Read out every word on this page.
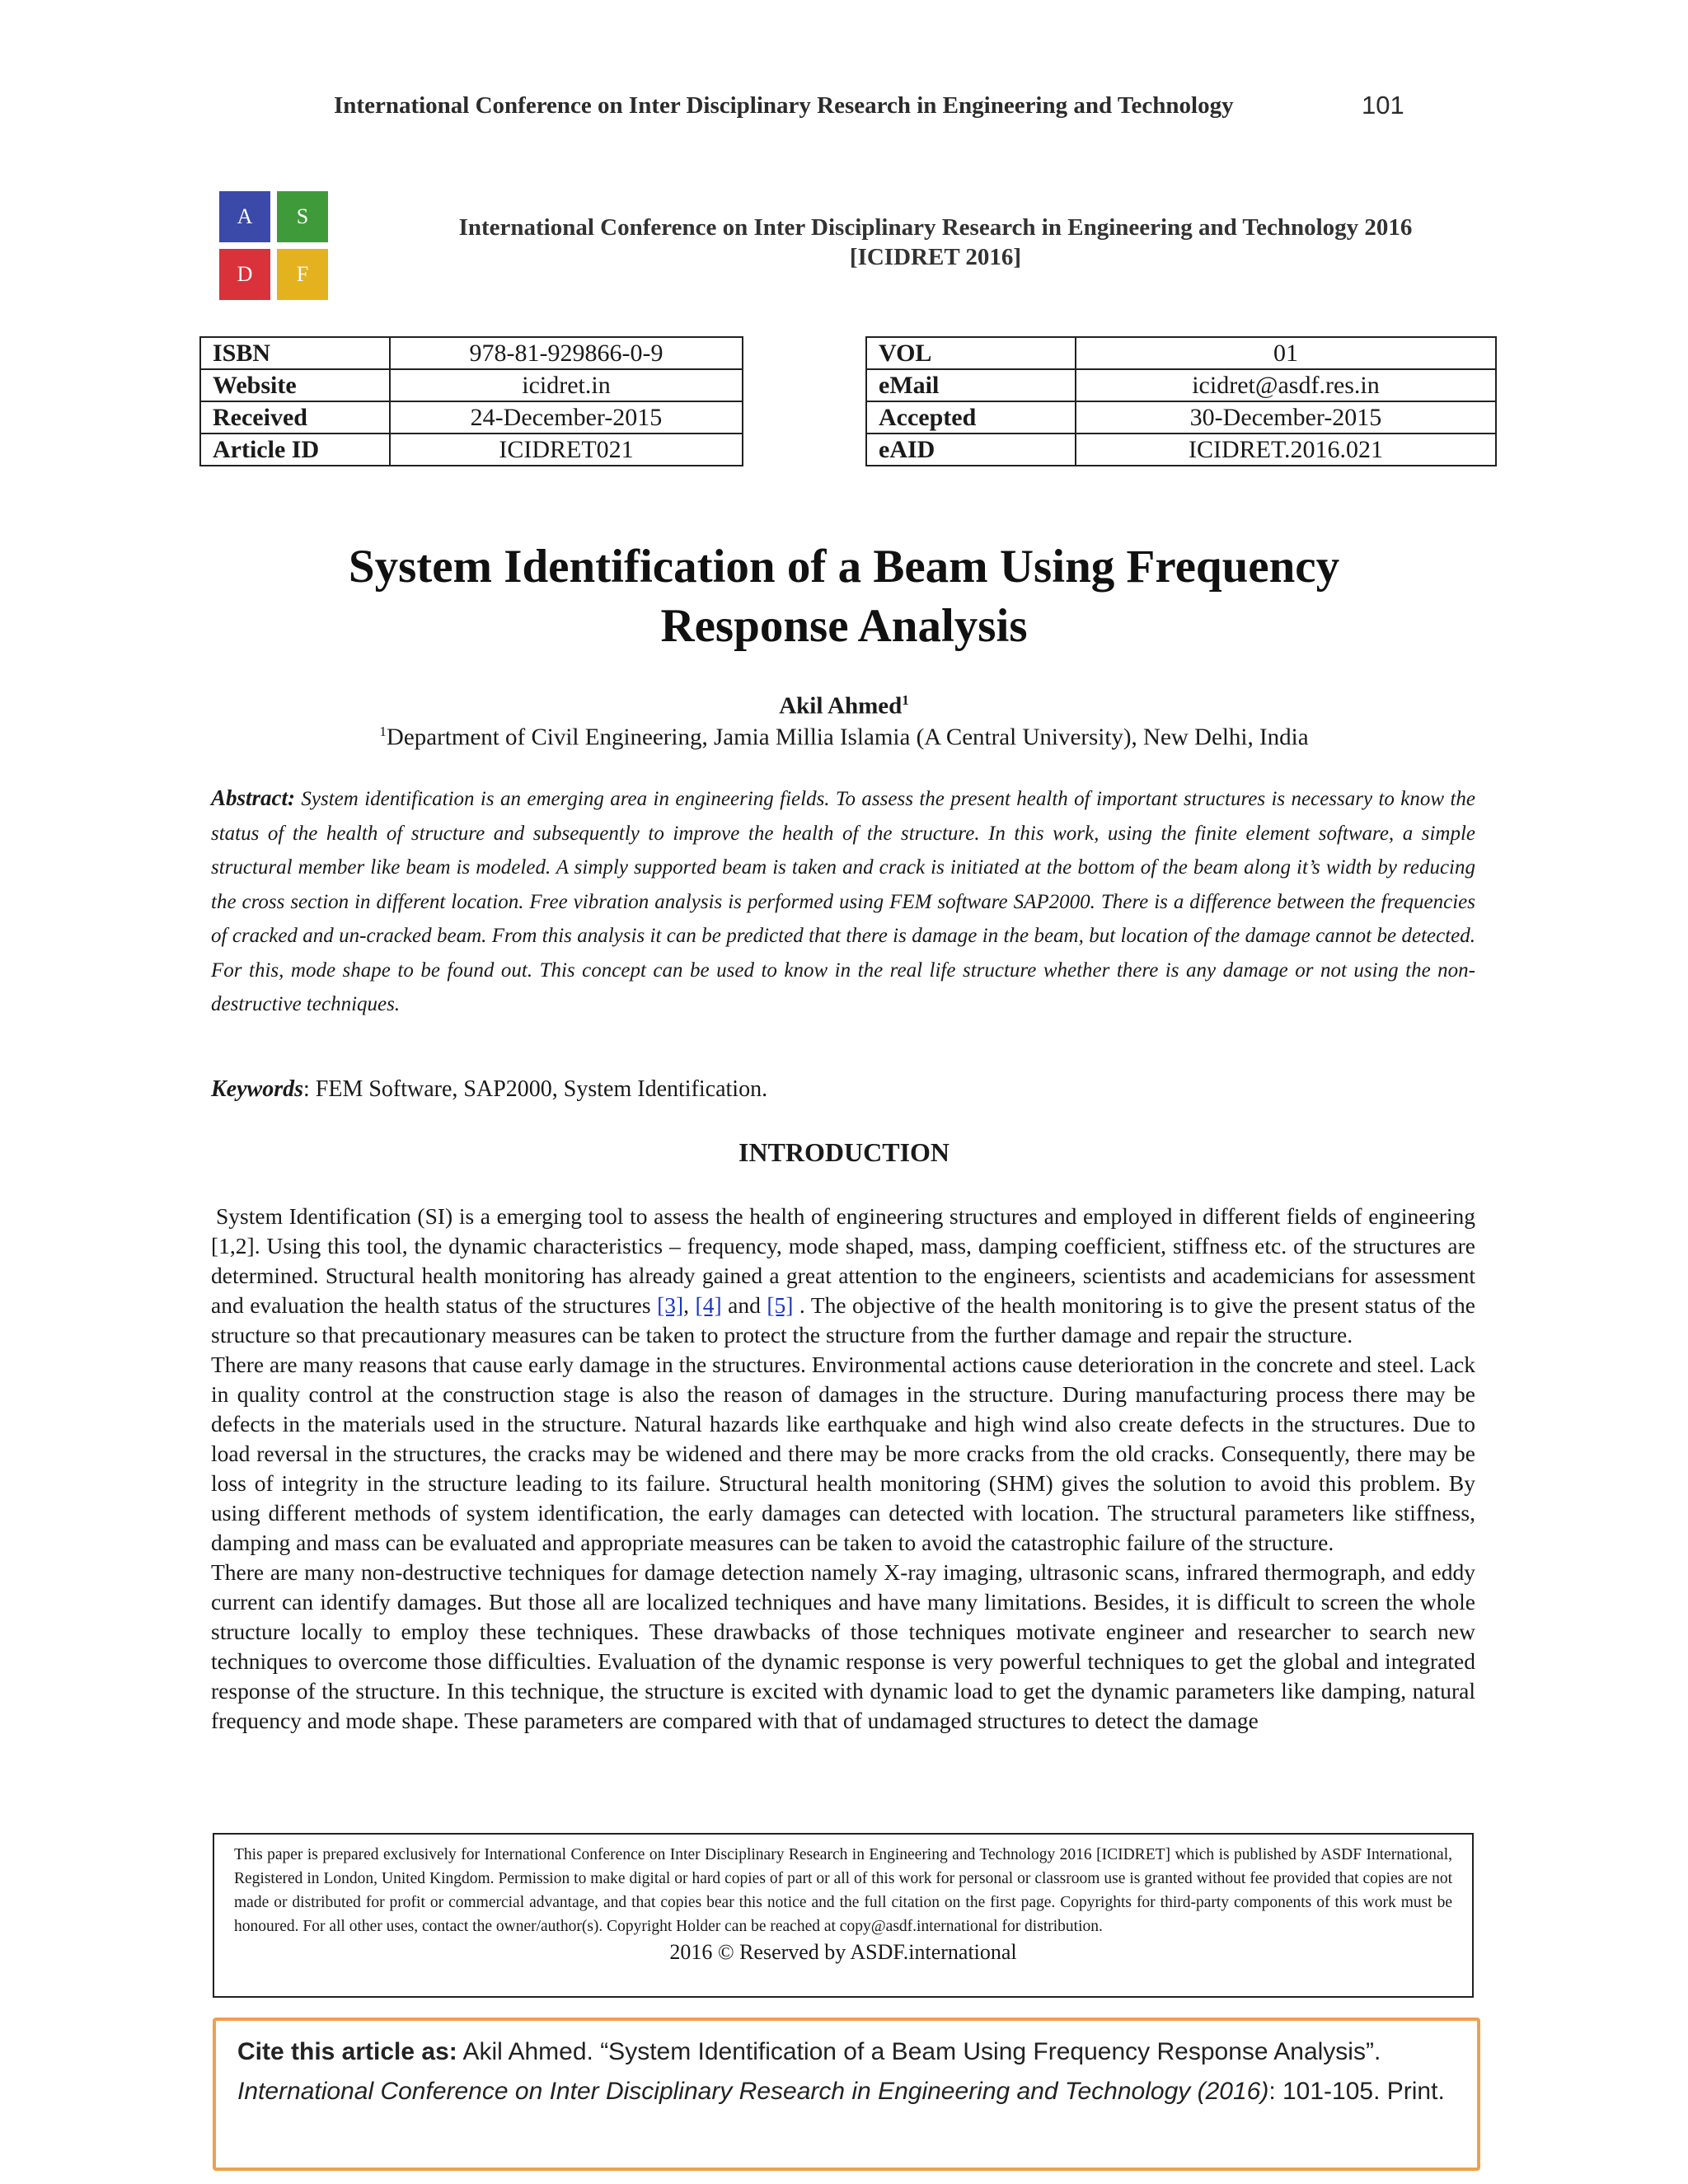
International Conference on Inter Disciplinary Research in Engineering and Technology	101
A	S
D	F
International Conference on Inter Disciplinary Research in Engineering and Technology 2016
[ICIDRET 2016]
ISBN	978-81-929866-0-9
Website	icidret.in
Received	24-December-2015
Article ID	ICIDRET021
VOL	01
eMail	icidret@asdf.res.in
Accepted	30-December-2015
eAID	ICIDRET.2016.021
System Identification of a Beam Using Frequency
Response Analysis
Akil Ahmed$^1$
$^1$Department of Civil Engineering, Jamia Millia Islamia (A Central University), New Delhi, India
Abstract: System identification is an emerging area in engineering fields. To assess the present health of important structures is necessary to know the status of the health of structure and subsequently to improve the health of the structure. In this work, using the finite element software, a simple structural member like beam is modeled. A simply supported beam is taken and crack is initiated at the bottom of the beam along it’s width by reducing the cross section in different location. Free vibration analysis is performed using FEM software SAP2000. There is a difference between the frequencies of cracked and un-cracked beam. From this analysis it can be predicted that there is damage in the beam, but location of the damage cannot be detected. For this, mode shape to be found out. This concept can be used to know in the real life structure whether there is any damage or not using the non-destructive techniques.
Keywords: FEM Software, SAP2000, System Identification.
INTRODUCTION

System Identification (SI) is a emerging tool to assess the health of engineering structures and employed in different fields of engineering [1,2]. Using this tool, the dynamic characteristics – frequency, mode shaped, mass, damping coefficient, stiffness etc. of the structures are determined. Structural health monitoring has already gained a great attention to the engineers, scientists and academicians for assessment and evaluation the health status of the structures [3], [4] and [5] . The objective of the health monitoring is to give the present status of the structure so that precautionary measures can be taken to protect the structure from the further damage and repair the structure.

There are many reasons that cause early damage in the structures. Environmental actions cause deterioration in the concrete and steel. Lack in quality control at the construction stage is also the reason of damages in the structure. During manufacturing process there may be defects in the materials used in the structure. Natural hazards like earthquake and high wind also create defects in the structures. Due to load reversal in the structures, the cracks may be widened and there may be more cracks from the old cracks. Consequently, there may be loss of integrity in the structure leading to its failure. Structural health monitoring (SHM) gives the solution to avoid this problem. By using different methods of system identification, the early damages can detected with location. The structural parameters like stiffness, damping and mass can be evaluated and appropriate measures can be taken to avoid the catastrophic failure of the structure.

There are many non-destructive techniques for damage detection namely X-ray imaging, ultrasonic scans, infrared thermograph, and eddy current can identify damages. But those all are localized techniques and have many limitations. Besides, it is difficult to screen the whole structure locally to employ these techniques. These drawbacks of those techniques motivate engineer and researcher to search new techniques to overcome those difficulties. Evaluation of the dynamic response is very powerful techniques to get the global and integrated response of the structure. In this technique, the structure is excited with dynamic load to get the dynamic parameters like damping, natural frequency and mode shape. These parameters are compared with that of undamaged structures to detect the damage

This paper is prepared exclusively for International Conference on Inter Disciplinary Research in Engineering and Technology 2016 [ICIDRET] which is published by ASDF International, Registered in London, United Kingdom. Permission to make digital or hard copies of part or all of this work for personal or classroom use is granted without fee provided that copies are not made or distributed for profit or commercial advantage, and that copies bear this notice and the full citation on the first page. Copyrights for third-party components of this work must be honoured. For all other uses, contact the owner/author(s). Copyright Holder can be reached at copy@asdf.international for distribution.
2016 © Reserved by ASDF.international
Cite this article as: Akil Ahmed. “System Identification of a Beam Using Frequency Response Analysis”. International Conference on Inter Disciplinary Research in Engineering and Technology (2016): 101-105. Print.
